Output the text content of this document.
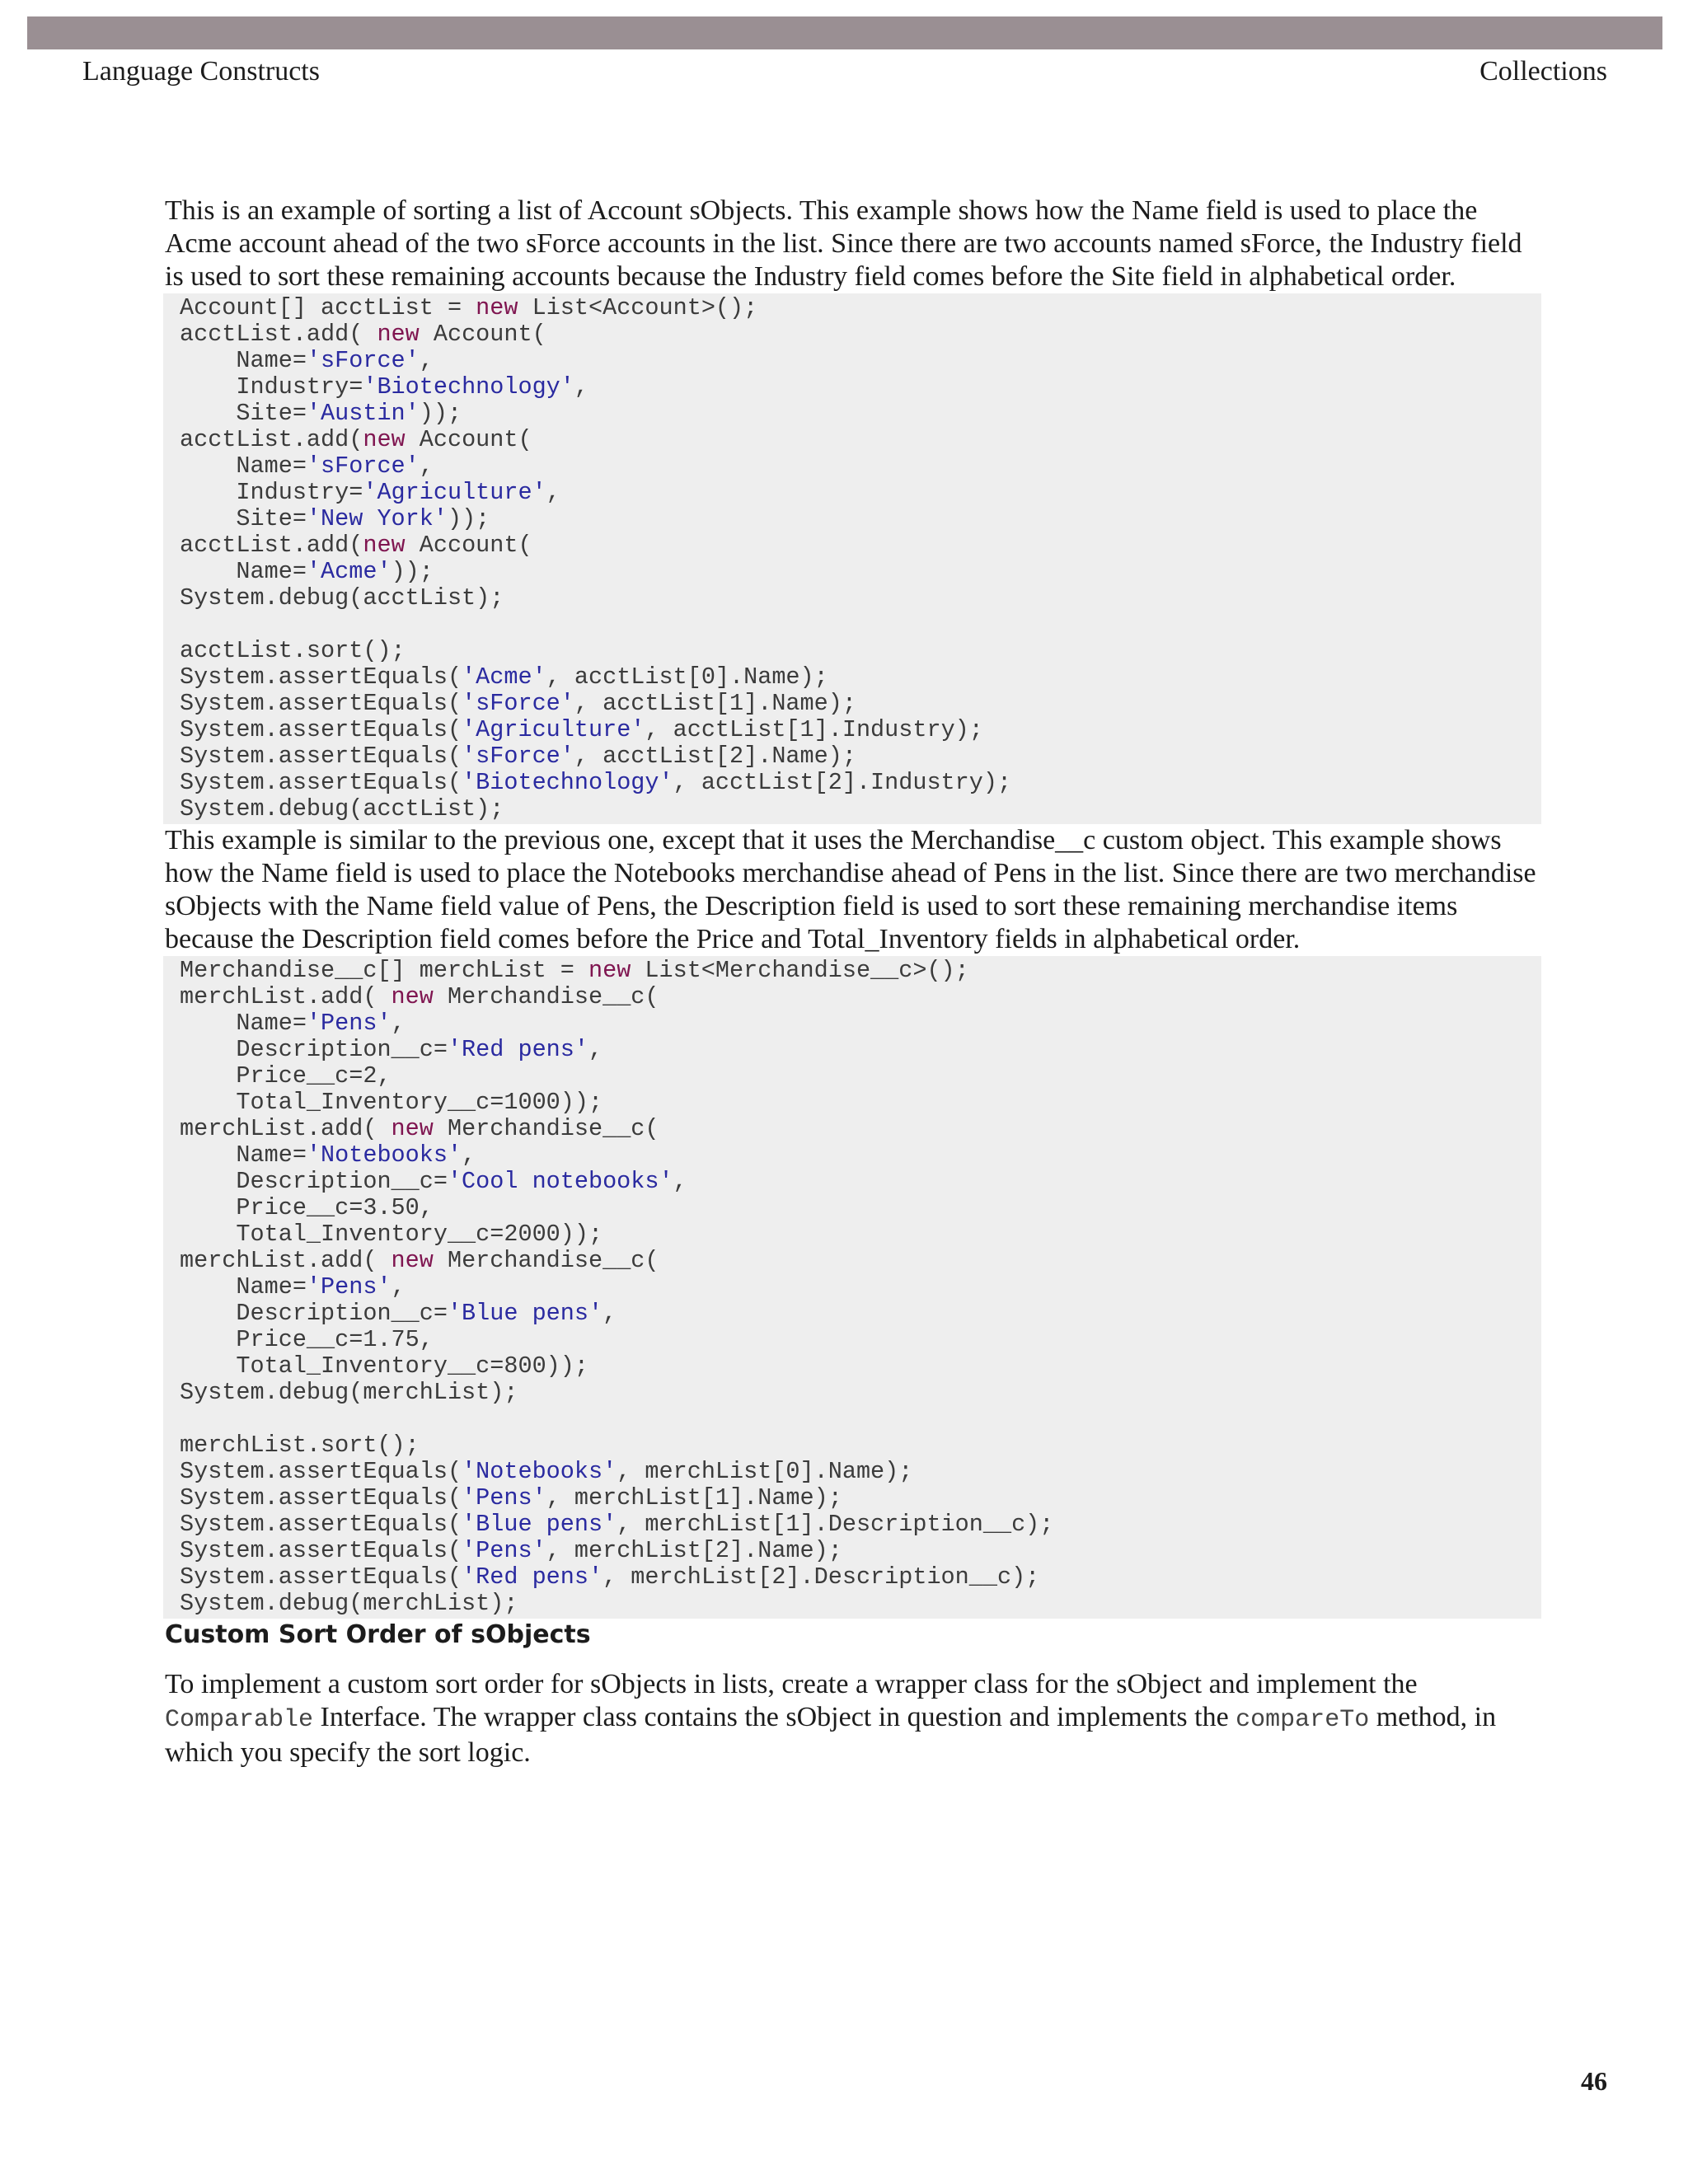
Language Constructs	Collections

This is an example of sorting a list of Account sObjects. This example shows how the Name field is used to place the Acme account ahead of the two sForce accounts in the list. Since there are two accounts named sForce, the Industry field is used to sort these remaining accounts because the Industry field comes before the Site field in alphabetical order.

Account[] acctList = new List<Account>();
acctList.add( new Account(
Name='sForce',
Industry='Biotechnology',
Site='Austin'));
acctList.add(new Account(
Name='sForce',
Industry='Agriculture',
Site='New York'));
acctList.add(new Account(
Name='Acme'));
System.debug(acctList);

acctList.sort();
System.assertEquals('Acme', acctList[0].Name);
System.assertEquals('sForce', acctList[1].Name);
System.assertEquals('Agriculture', acctList[1].Industry);
System.assertEquals('sForce', acctList[2].Name);
System.assertEquals('Biotechnology', acctList[2].Industry);
System.debug(acctList);

This example is similar to the previous one, except that it uses the Merchandise__c custom object. This example shows how the Name field is used to place the Notebooks merchandise ahead of Pens in the list. Since there are two merchandise sObjects with the Name field value of Pens, the Description field is used to sort these remaining merchandise items because the Description field comes before the Price and Total_Inventory fields in alphabetical order.

Merchandise__c[] merchList = new List<Merchandise__c>();
merchList.add( new Merchandise__c(
Name='Pens',
Description__c='Red pens',
Price__c=2,
Total_Inventory__c=1000));
merchList.add( new Merchandise__c(
Name='Notebooks',
Description__c='Cool notebooks',
Price__c=3.50,
Total_Inventory__c=2000));
merchList.add( new Merchandise__c(
Name='Pens',
Description__c='Blue pens',
Price__c=1.75,
Total_Inventory__c=800));
System.debug(merchList);

merchList.sort();
System.assertEquals('Notebooks', merchList[0].Name);
System.assertEquals('Pens', merchList[1].Name);
System.assertEquals('Blue pens', merchList[1].Description__c);
System.assertEquals('Pens', merchList[2].Name);
System.assertEquals('Red pens', merchList[2].Description__c);
System.debug(merchList);
Custom Sort Order of sObjects

To implement a custom sort order for sObjects in lists, create a wrapper class for the sObject and implement the Comparable Interface. The wrapper class contains the sObject in question and implements the compareTo method, in which you specify the sort logic.

46
